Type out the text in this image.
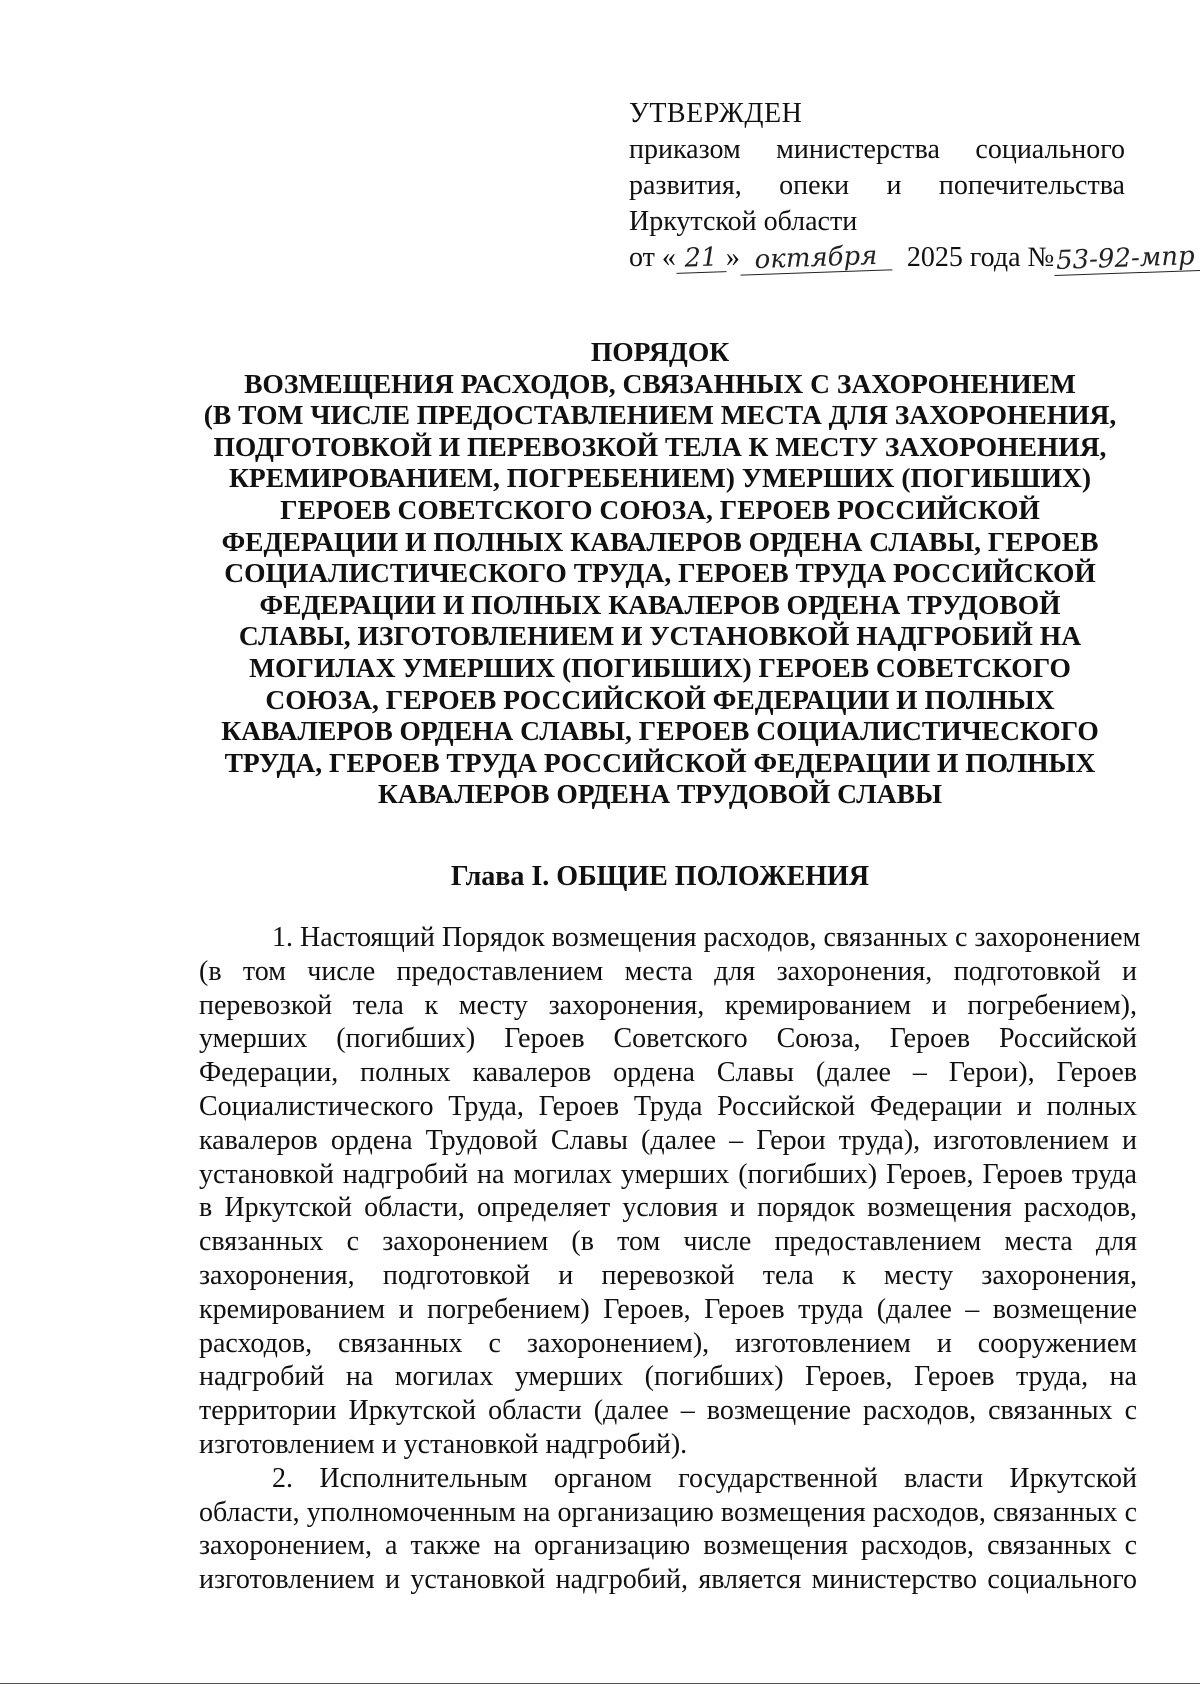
УТВЕРЖДЕН
приказом министерства социального
развития, опеки и попечительства
Иркутской области
от « 21 » октября 2025 года №53-92-мпр
ПОРЯДОК
ВОЗМЕЩЕНИЯ РАСХОДОВ, СВЯЗАННЫХ С ЗАХОРОНЕНИЕМ
(В ТОМ ЧИСЛЕ ПРЕДОСТАВЛЕНИЕМ МЕСТА ДЛЯ ЗАХОРОНЕНИЯ,
ПОДГОТОВКОЙ И ПЕРЕВОЗКОЙ ТЕЛА К МЕСТУ ЗАХОРОНЕНИЯ,
КРЕМИРОВАНИЕМ, ПОГРЕБЕНИЕМ) УМЕРШИХ (ПОГИБШИХ)
ГЕРОЕВ СОВЕТСКОГО СОЮЗА, ГЕРОЕВ РОССИЙСКОЙ
ФЕДЕРАЦИИ И ПОЛНЫХ КАВАЛЕРОВ ОРДЕНА СЛАВЫ, ГЕРОЕВ
СОЦИАЛИСТИЧЕСКОГО ТРУДА, ГЕРОЕВ ТРУДА РОССИЙСКОЙ
ФЕДЕРАЦИИ И ПОЛНЫХ КАВАЛЕРОВ ОРДЕНА ТРУДОВОЙ
СЛАВЫ, ИЗГОТОВЛЕНИЕМ И УСТАНОВКОЙ НАДГРОБИЙ НА
МОГИЛАХ УМЕРШИХ (ПОГИБШИХ) ГЕРОЕВ СОВЕТСКОГО
СОЮЗА, ГЕРОЕВ РОССИЙСКОЙ ФЕДЕРАЦИИ И ПОЛНЫХ
КАВАЛЕРОВ ОРДЕНА СЛАВЫ, ГЕРОЕВ СОЦИАЛИСТИЧЕСКОГО
ТРУДА, ГЕРОЕВ ТРУДА РОССИЙСКОЙ ФЕДЕРАЦИИ И ПОЛНЫХ
КАВАЛЕРОВ ОРДЕНА ТРУДОВОЙ СЛАВЫ
Глава I. ОБЩИЕ ПОЛОЖЕНИЯ
1. Настоящий Порядок возмещения расходов, связанных с захоронением
(в том числе предоставлением места для захоронения, подготовкой и
перевозкой тела к месту захоронения, кремированием и погребением),
умерших (погибших) Героев Советского Союза, Героев Российской
Федерации, полных кавалеров ордена Славы (далее – Герои), Героев
Социалистического Труда, Героев Труда Российской Федерации и полных
кавалеров ордена Трудовой Славы (далее – Герои труда), изготовлением и
установкой надгробий на могилах умерших (погибших) Героев, Героев труда
в Иркутской области, определяет условия и порядок возмещения расходов,
связанных с захоронением (в том числе предоставлением места для
захоронения, подготовкой и перевозкой тела к месту захоронения,
кремированием и погребением) Героев, Героев труда (далее – возмещение
расходов, связанных с захоронением), изготовлением и сооружением
надгробий на могилах умерших (погибших) Героев, Героев труда, на
территории Иркутской области (далее – возмещение расходов, связанных с
изготовлением и установкой надгробий).
2. Исполнительным органом государственной власти Иркутской
области, уполномоченным на организацию возмещения расходов, связанных с
захоронением, а также на организацию возмещения расходов, связанных с
изготовлением и установкой надгробий, является министерство социального
